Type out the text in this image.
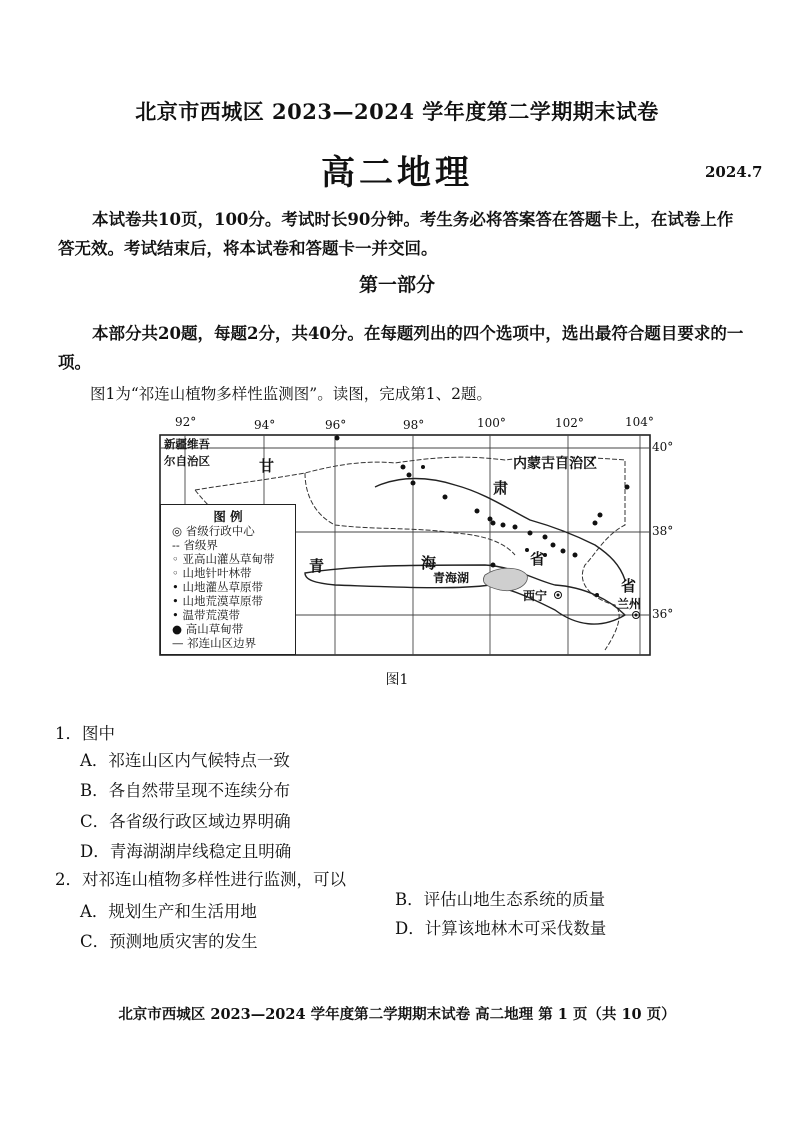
北京市西城区 2023—2024 学年度第二学期期末试卷
高二地理	2024.7
本试卷共10页，100分。考试时长90分钟。考生务必将答案答在答题卡上，在试卷上作答无效。考试结束后，将本试卷和答题卡一并交回。
第一部分
本部分共20题，每题2分，共40分。在每题列出的四个选项中，选出最符合题目要求的一项。
图1为“祁连山植物多样性监测图”。读图，完成第1、2题。
92°	94°	96°	98°	100°	102°	104°
40°
38°
36°
新疆维吾尔自治区	甘
肃
内蒙古自治区
青	海	省
省
青海湖
西宁
兰州
图 例
◎ 省级行政中心
-- 省级界
◦ 亚高山灌丛草甸带
◦ 山地针叶林带
• 山地灌丛草原带
• 山地荒漠草原带
• 温带荒漠带
● 高山草甸带
— 祁连山区边界
图1
1．图中
A．祁连山区内气候特点一致
B．各自然带呈现不连续分布
C．各省级行政区域边界明确
D．青海湖湖岸线稳定且明确
2．对祁连山植物多样性进行监测，可以
A．规划生产和生活用地
B．评估山地生态系统的质量
C．预测地质灾害的发生
D．计算该地林木可采伐数量
北京市西城区 2023—2024 学年度第二学期期末试卷 高二地理 第 1 页（共 10 页）
